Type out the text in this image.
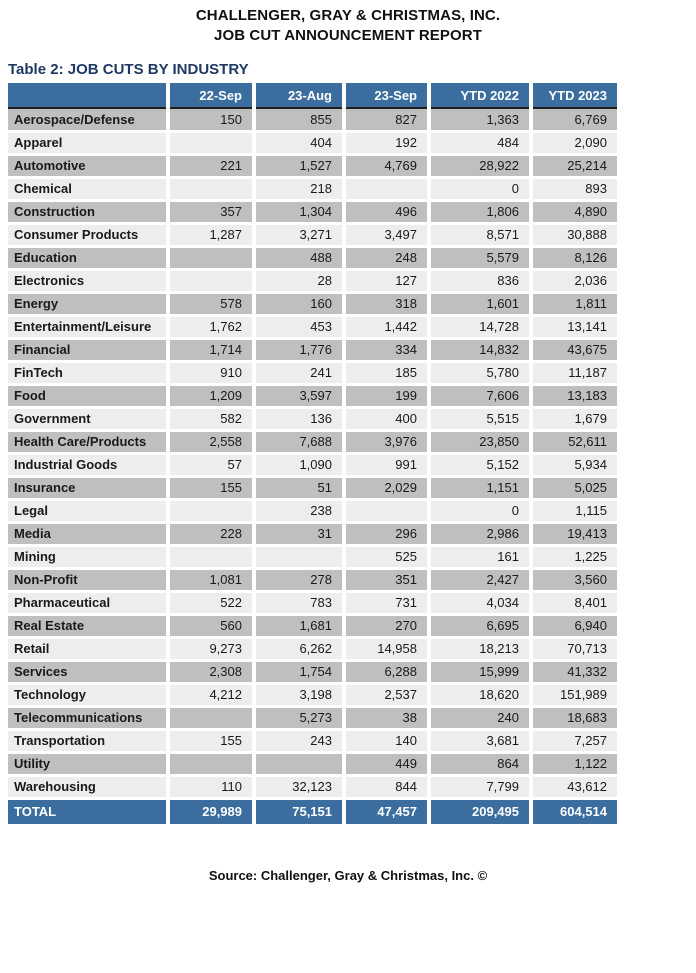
CHALLENGER, GRAY & CHRISTMAS, INC.
JOB CUT ANNOUNCEMENT REPORT
Table 2: JOB CUTS BY INDUSTRY
	22-Sep	23-Aug	23-Sep	YTD 2022	YTD 2023
Aerospace/Defense	150	855	827	1,363	6,769
Apparel		404	192	484	2,090
Automotive	221	1,527	4,769	28,922	25,214
Chemical		218		0	893
Construction	357	1,304	496	1,806	4,890
Consumer Products	1,287	3,271	3,497	8,571	30,888
Education		488	248	5,579	8,126
Electronics		28	127	836	2,036
Energy	578	160	318	1,601	1,811
Entertainment/Leisure	1,762	453	1,442	14,728	13,141
Financial	1,714	1,776	334	14,832	43,675
FinTech	910	241	185	5,780	11,187
Food	1,209	3,597	199	7,606	13,183
Government	582	136	400	5,515	1,679
Health Care/Products	2,558	7,688	3,976	23,850	52,611
Industrial Goods	57	1,090	991	5,152	5,934
Insurance	155	51	2,029	1,151	5,025
Legal		238		0	1,115
Media	228	31	296	2,986	19,413
Mining			525	161	1,225
Non-Profit	1,081	278	351	2,427	3,560
Pharmaceutical	522	783	731	4,034	8,401
Real Estate	560	1,681	270	6,695	6,940
Retail	9,273	6,262	14,958	18,213	70,713
Services	2,308	1,754	6,288	15,999	41,332
Technology	4,212	3,198	2,537	18,620	151,989
Telecommunications		5,273	38	240	18,683
Transportation	155	243	140	3,681	7,257
Utility			449	864	1,122
Warehousing	110	32,123	844	7,799	43,612
TOTAL	29,989	75,151	47,457	209,495	604,514
Source: Challenger, Gray & Christmas, Inc. ©
